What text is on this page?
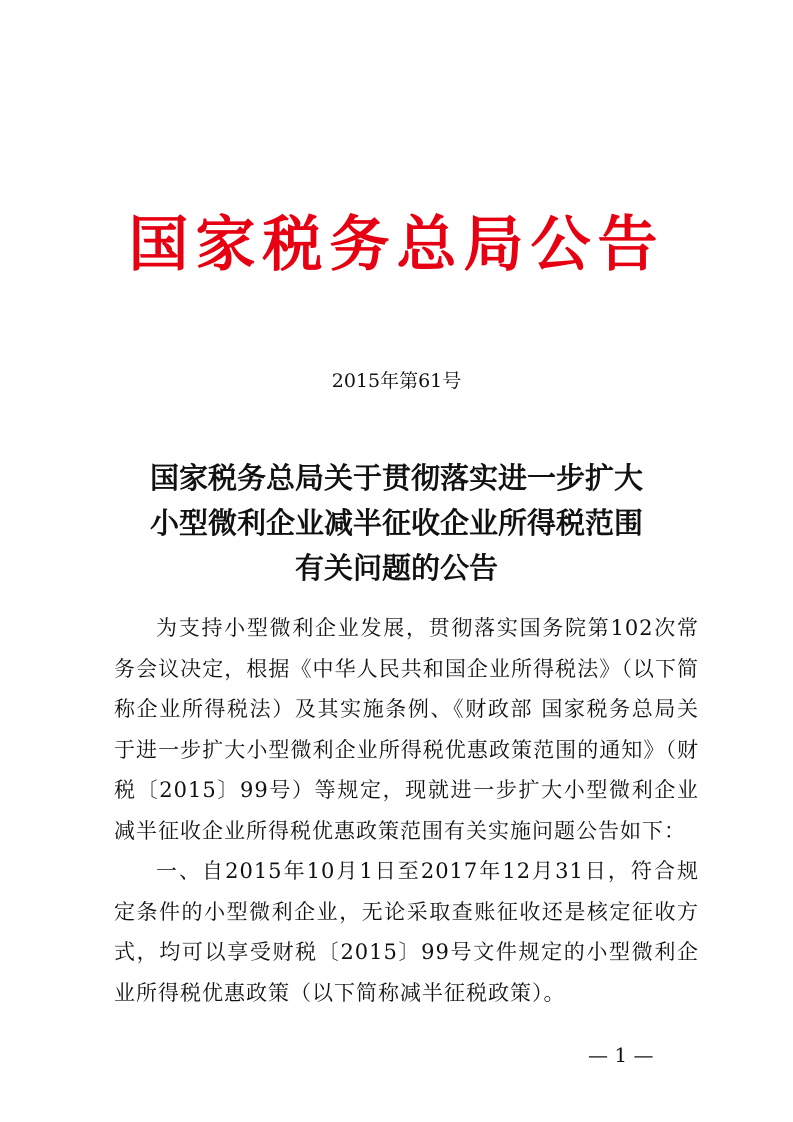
国家税务总局公告
2015年第61号
国家税务总局关于贯彻落实进一步扩大
小型微利企业减半征收企业所得税范围
有关问题的公告

为支持小型微利企业发展，贯彻落实国务院第102次常务会议决定，根据《中华人民共和国企业所得税法》（以下简称企业所得税法）及其实施条例、《财政部 国家税务总局关于进一步扩大小型微利企业所得税优惠政策范围的通知》（财税〔2015〕99号）等规定，现就进一步扩大小型微利企业减半征收企业所得税优惠政策范围有关实施问题公告如下：

一、自2015年10月1日至2017年12月31日，符合规定条件的小型微利企业，无论采取查账征收还是核定征收方式，均可以享受财税〔2015〕99号文件规定的小型微利企业所得税优惠政策（以下简称减半征税政策）。

— 1 —
